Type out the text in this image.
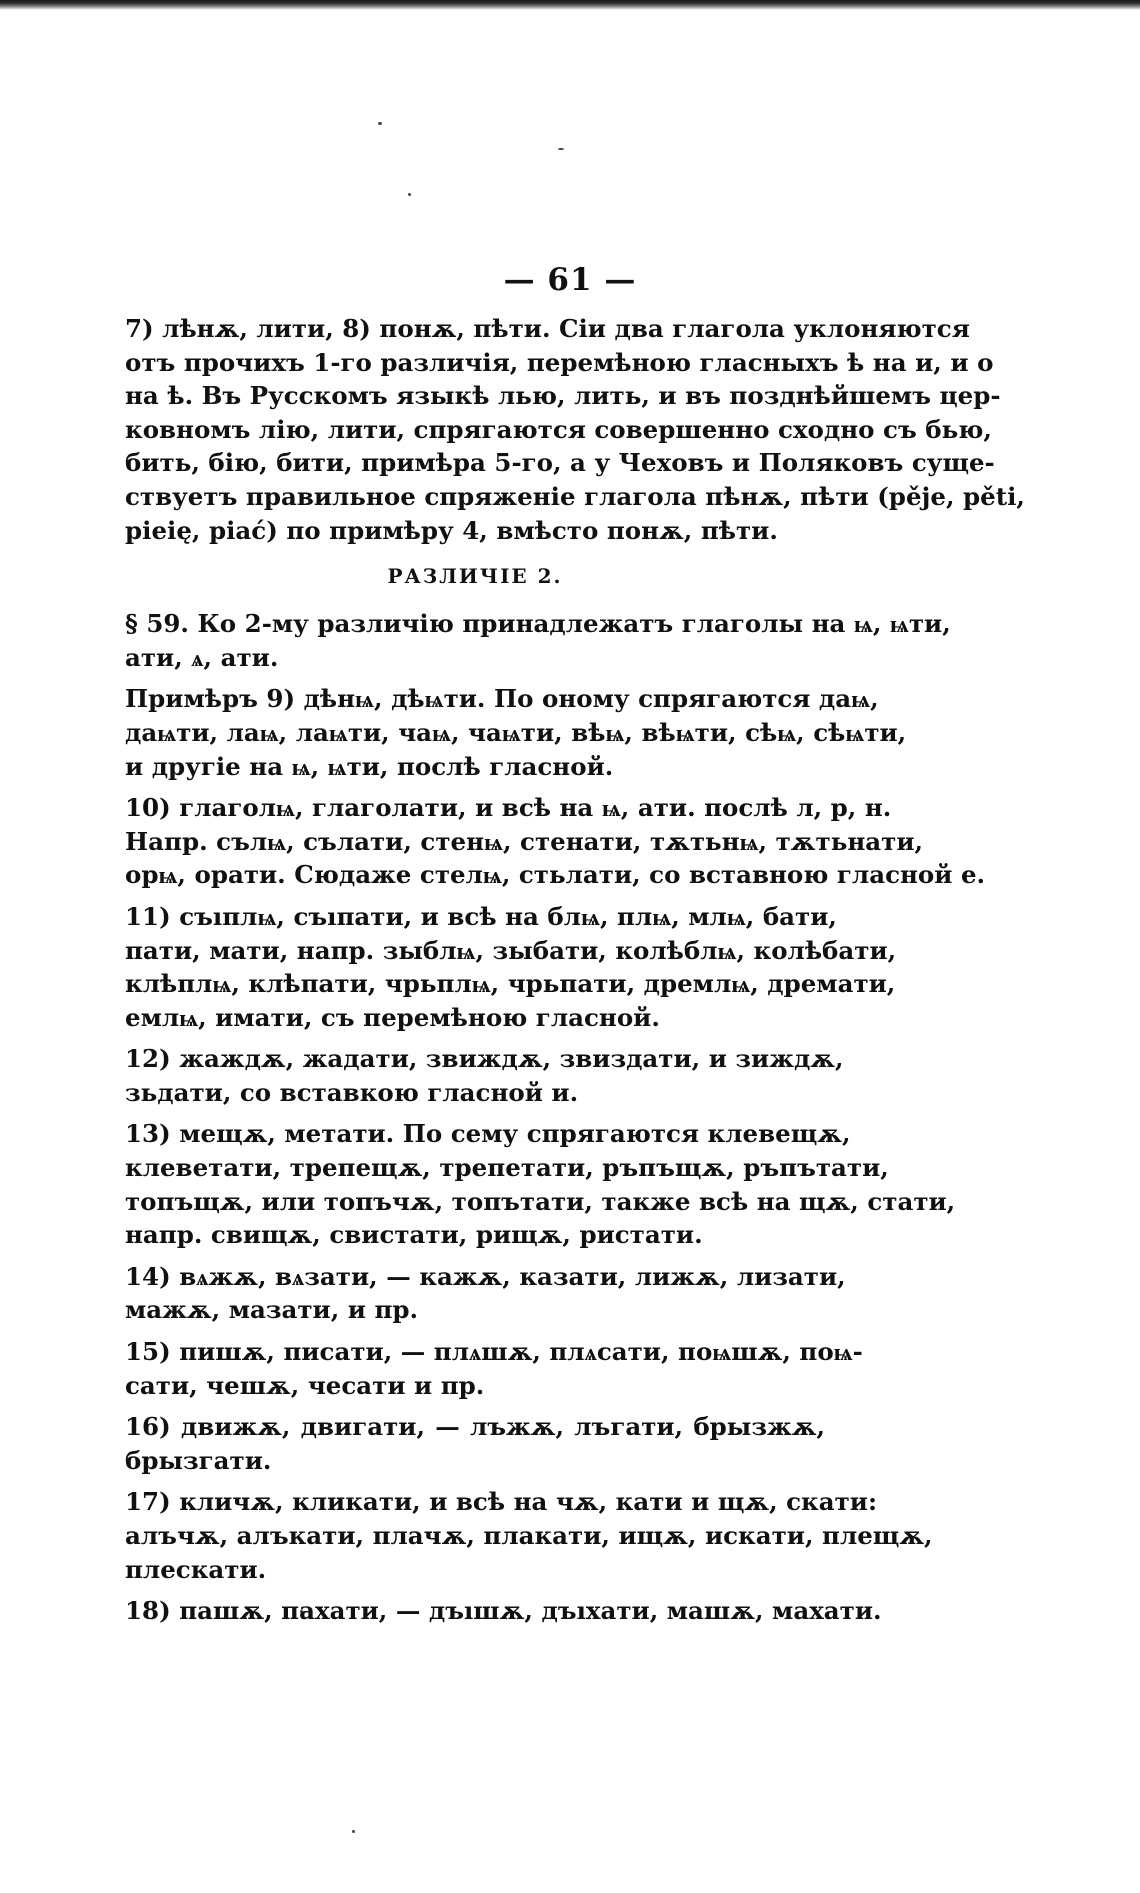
— 61 —
7) лѣнѫ, лити, 8) понѫ, пѣти. Сіи два глагола уклоняются
отъ прочихъ 1-го различія, перемѣною гласныхъ ѣ на и, и о
на ѣ. Въ Русскомъ языкѣ лью, лить, и въ позднѣйшемъ цер-
ковномъ лію, лити, спрягаются совершенно сходно съ бью,
бить, бію, бити, примѣра 5-го, а у Чеховъ и Поляковъ суще-
ствуетъ правильное спряженіе глагола пѣнѫ, пѣти (pěje, pěti,
pieię, piać) по примѣру 4, вмѣсто понѫ, пѣти.
РАЗЛИЧІЕ 2.
§ 59. Ко 2-му различію принадлежатъ глаголы на ѩ, ѩти,
ати, ѧ, ати.
Примѣръ 9) дѣнѩ, дѣѩти. По оному спрягаются даѩ,
даѩти, лаѩ, лаѩти, чаѩ, чаѩти, вѣѩ, вѣѩти, сѣѩ, сѣѩти,
и другіе на ѩ, ѩти, послѣ гласной.
10) глаголѩ, глаголати, и всѣ на ѩ, ати. послѣ л, р, н.
Напр. сълѩ, сълати, стенѩ, стенати, тѫтьнѩ, тѫтьнати,
орѩ, орати. Сюдаже стелѩ, стьлати, со вставною гласной е.
11) съıплѩ, съıпати, и всѣ на блѩ, плѩ, млѩ, бати,
пати, мати, напр. зыблѩ, зыбати, колѣблѩ, колѣбати,
клѣплѩ, клѣпати, чрьплѩ, чрьпати, дремлѩ, дремати,
емлѩ, имати, съ перемѣною гласной.
12) жаждѫ, жадати, звиждѫ, звиздати, и зиждѫ,
зьдати, со вставкою гласной и.
13) мещѫ, метати. По сему спрягаются клевещѫ,
клеветати, трепещѫ, трепетати, ръпъщѫ, ръпътати,
топъщѫ, или топъчѫ, топътати, также всѣ на щѫ, стати,
напр. свищѫ, свистати, рищѫ, ристати.
14) вѧжѫ, вѧзати, — кажѫ, казати, лижѫ, лизати,
мажѫ, мазати, и пр.
15) пишѫ, писати, — плѧшѫ, плѧсати, поѩшѫ, поѩ-
сати, чешѫ, чесати и пр.
16) движѫ, двигати, — лъжѫ, лъгати, брызжѫ,
брызгати.
17) кличѫ, кликати, и всѣ на чѫ, кати и щѫ, скати:
алъчѫ, алъкати, плачѫ, плакати, ищѫ, искати, плещѫ,
плескати.
18) пашѫ, пахати, — дъıшѫ, дъıхати, машѫ, махати.
